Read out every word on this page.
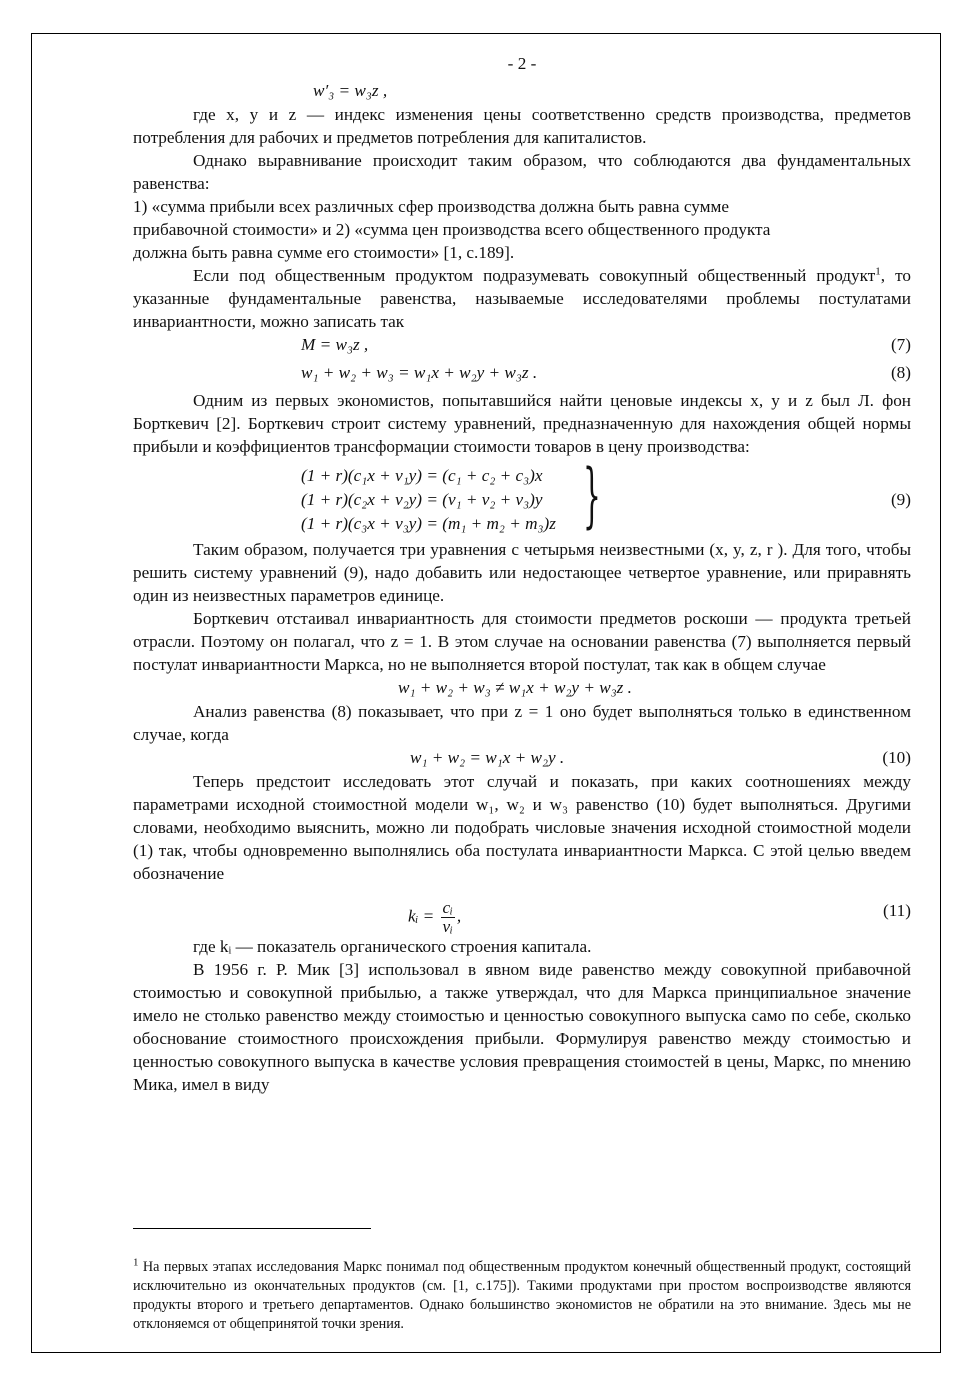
- 2 -
w′₃ = w₃z ,

где x, y и z — индекс изменения цены соответственно средств производства, предметов потребления для рабочих и предметов потребления для капиталистов.

Однако выравнивание происходит таким образом, что соблюдаются два фундаментальных равенства:

1) «сумма прибыли всех различных сфер производства должна быть равна сумме

прибавочной стоимости» и 2) «сумма цен производства всего общественного продукта

должна быть равна сумме его стоимости» [1, с.189].

Если под общественным продуктом подразумевать совокупный общественный продукт$^1$, то указанные фундаментальные равенства, называемые исследователями проблемы постулатами инвариантности, можно записать так

M = w₃z ,	(7)
w₁ + w₂ + w₃ = w₁x + w₂y + w₃z .	(8)

Одним из первых экономистов, попытавшийся найти ценовые индексы x, y и z был Л. фон Борткевич [2]. Борткевич строит систему уравнений, предназначенную для нахождения общей нормы прибыли и коэффициентов трансформации стоимости товаров в цену производства:

(1 + r)(c₁x + v₁y) = (c₁ + c₂ + c₃)x
(1 + r)(c₂x + v₂y) = (v₁ + v₂ + v₃)y
(1 + r)(c₃x + v₃y) = (m₁ + m₂ + m₃)z }	(9)

Таким образом, получается три уравнения с четырьмя неизвестными (x, y, z, r ). Для того, чтобы решить систему уравнений (9), надо добавить или недостающее четвертое уравнение, или приравнять один из неизвестных параметров единице.

Борткевич отстаивал инвариантность для стоимости предметов роскоши — продукта третьей отрасли. Поэтому он полагал, что z = 1. В этом случае на основании равенства (7) выполняется первый постулат инвариантности Маркса, но не выполняется второй постулат, так как в общем случае

w₁ + w₂ + w₃ ≠ w₁x + w₂y + w₃z .

Анализ равенства (8) показывает, что при z = 1 оно будет выполняться только в единственном случае, когда

w₁ + w₂ = w₁x + w₂y .	(10)

Теперь предстоит исследовать этот случай и показать, при каких соотношениях между параметрами исходной стоимостной модели w₁, w₂ и w₃ равенство (10) будет выполняться. Другими словами, необходимо выяснить, можно ли подобрать числовые значения исходной стоимостной модели (1) так, чтобы одновременно выполнялись оба постулата инвариантности Маркса. С этой целью введем обозначение

kᵢ = $\frac{\text{cᵢ}}{\text{vᵢ}}$ ,	(11)

где kᵢ — показатель органического строения капитала.

В 1956 г. Р. Мик [3] использовал в явном виде равенство между совокупной прибавочной стоимостью и совокупной прибылью, а также утверждал, что для Маркса принципиальное значение имело не столько равенство между стоимостью и ценностью совокупного выпуска само по себе, сколько обоснование стоимостного происхождения прибыли. Формулируя равенство между стоимостью и ценностью совокупного выпуска в качестве условия превращения стоимостей в цены, Маркс, по мнению Мика, имел в виду

$^1$ На первых этапах исследования Маркс понимал под общественным продуктом конечный общественный продукт, состоящий исключительно из окончательных продуктов (см. [1, с.175]). Такими продуктами при простом воспроизводстве являются продукты второго и третьего департаментов. Однако большинство экономистов не обратили на это внимание. Здесь мы не отклоняемся от общепринятой точки зрения.
